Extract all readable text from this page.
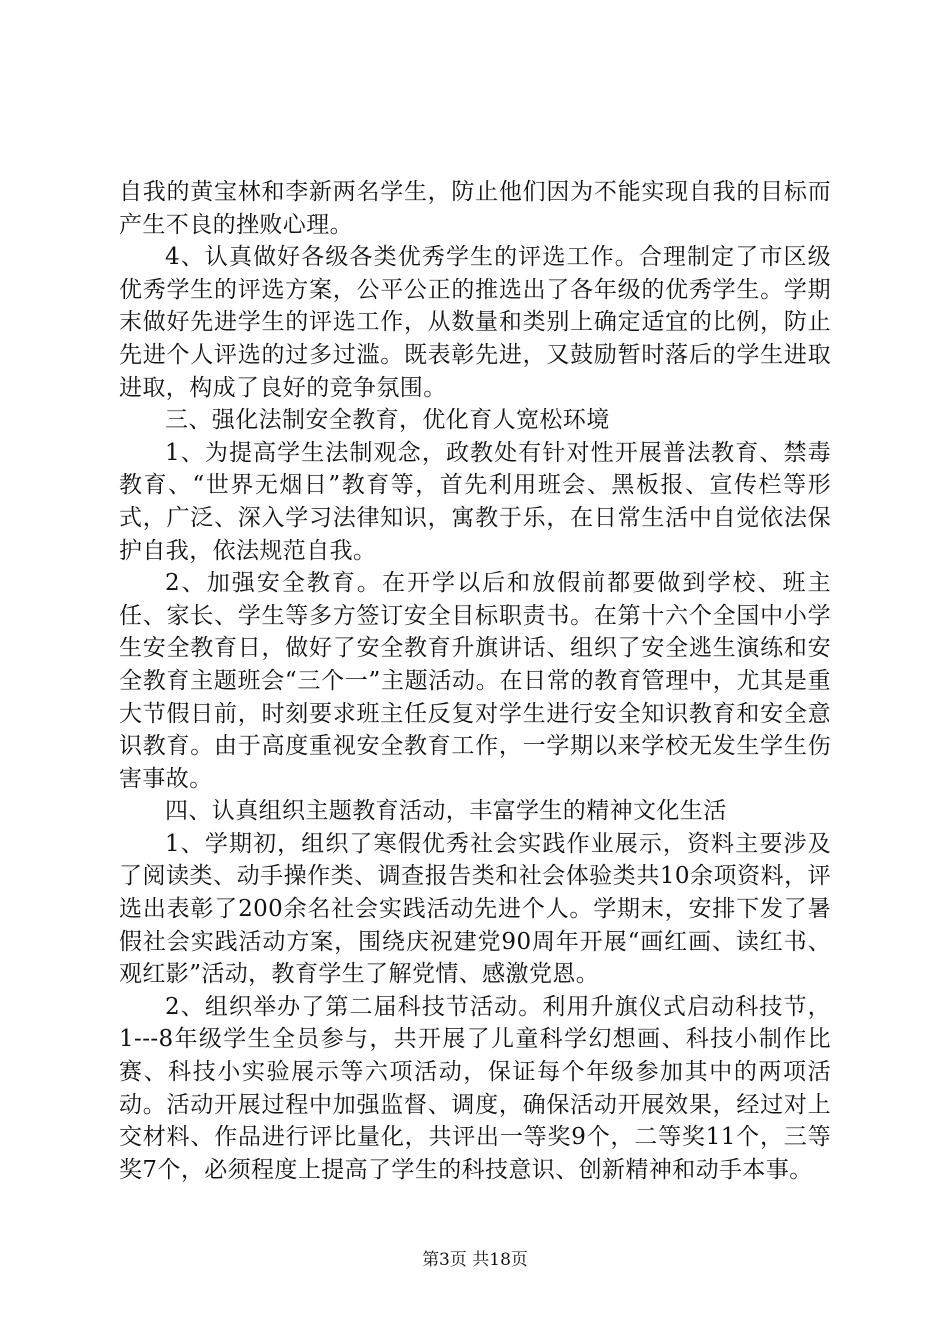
自我的黄宝林和李新两名学生，防止他们因为不能实现自我的目标而产生不良的挫败心理。

4、认真做好各级各类优秀学生的评选工作。合理制定了市区级优秀学生的评选方案，公平公正的推选出了各年级的优秀学生。学期末做好先进学生的评选工作，从数量和类别上确定适宜的比例，防止先进个人评选的过多过滥。既表彰先进，又鼓励暂时落后的学生进取进取，构成了良好的竞争氛围。

三、强化法制安全教育，优化育人宽松环境

1、为提高学生法制观念，政教处有针对性开展普法教育、禁毒教育、“世界无烟日”教育等，首先利用班会、黑板报、宣传栏等形式，广泛、深入学习法律知识，寓教于乐，在日常生活中自觉依法保护自我，依法规范自我。

2、加强安全教育。在开学以后和放假前都要做到学校、班主任、家长、学生等多方签订安全目标职责书。在第十六个全国中小学生安全教育日，做好了安全教育升旗讲话、组织了安全逃生演练和安全教育主题班会“三个一”主题活动。在日常的教育管理中，尤其是重大节假日前，时刻要求班主任反复对学生进行安全知识教育和安全意识教育。由于高度重视安全教育工作，一学期以来学校无发生学生伤害事故。

四、认真组织主题教育活动，丰富学生的精神文化生活

1、学期初，组织了寒假优秀社会实践作业展示，资料主要涉及了阅读类、动手操作类、调查报告类和社会体验类共10余项资料，评选出表彰了200余名社会实践活动先进个人。学期末，安排下发了暑假社会实践活动方案，围绕庆祝建党90周年开展“画红画、读红书、观红影”活动，教育学生了解党情、感激党恩。

2、组织举办了第二届科技节活动。利用升旗仪式启动科技节，1---8年级学生全员参与，共开展了儿童科学幻想画、科技小制作比赛、科技小实验展示等六项活动，保证每个年级参加其中的两项活动。活动开展过程中加强监督、调度，确保活动开展效果，经过对上交材料、作品进行评比量化，共评出一等奖9个，二等奖11个，三等奖7个，必须程度上提高了学生的科技意识、创新精神和动手本事。

第3页 共18页
